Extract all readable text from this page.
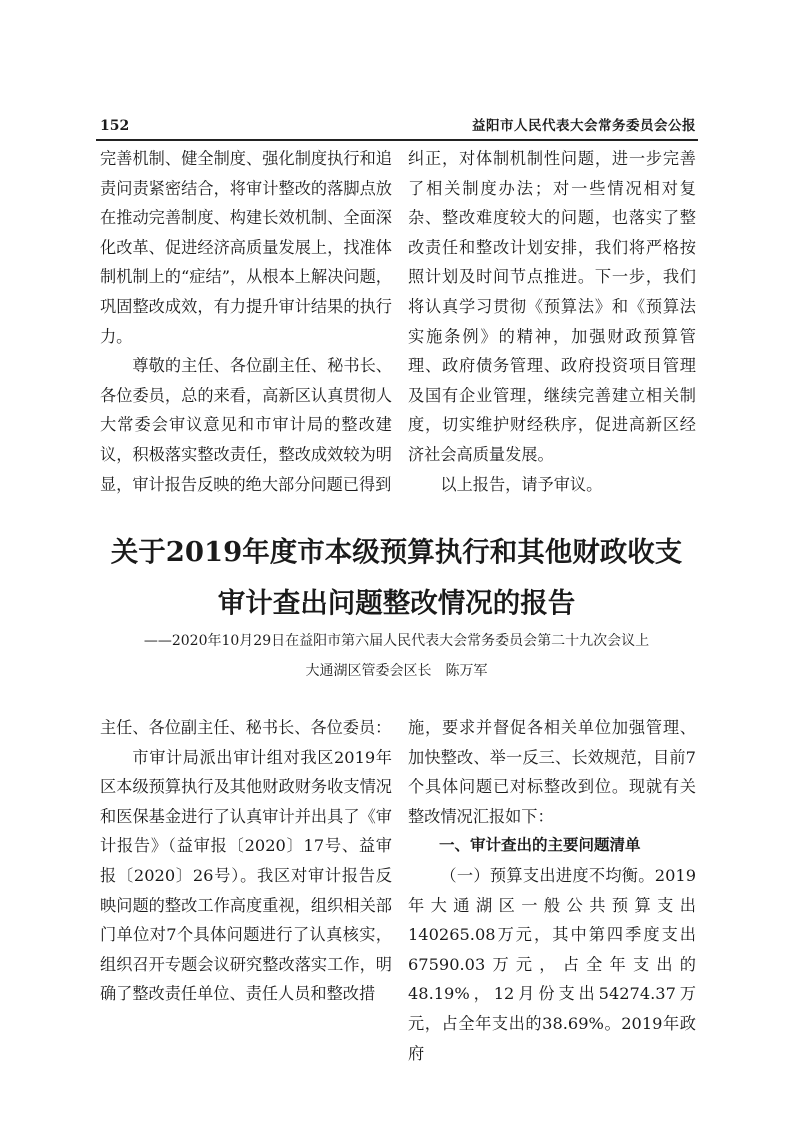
152	益阳市人民代表大会常务委员会公报

完善机制、健全制度、强化制度执行和追责问责紧密结合，将审计整改的落脚点放在推动完善制度、构建长效机制、全面深化改革、促进经济高质量发展上，找准体制机制上的“症结”，从根本上解决问题，巩固整改成效，有力提升审计结果的执行力。

尊敬的主任、各位副主任、秘书长、各位委员，总的来看，高新区认真贯彻人大常委会审议意见和市审计局的整改建议，积极落实整改责任，整改成效较为明显，审计报告反映的绝大部分问题已得到

纠正，对体制机制性问题，进一步完善了相关制度办法；对一些情况相对复杂、整改难度较大的问题，也落实了整改责任和整改计划安排，我们将严格按照计划及时间节点推进。下一步，我们将认真学习贯彻《预算法》和《预算法实施条例》的精神，加强财政预算管理、政府债务管理、政府投资项目管理及国有企业管理，继续完善建立相关制度，切实维护财经秩序，促进高新区经济社会高质量发展。

以上报告，请予审议。

关于2019年度市本级预算执行和其他财政收支
审计查出问题整改情况的报告
——2020年10月29日在益阳市第六届人民代表大会常务委员会第二十九次会议上
大通湖区管委会区长　陈万军

主任、各位副主任、秘书长、各位委员：

市审计局派出审计组对我区2019年区本级预算执行及其他财政财务收支情况和医保基金进行了认真审计并出具了《审计报告》（益审报〔2020〕17号、益审报〔2020〕26号）。我区对审计报告反映问题的整改工作高度重视，组织相关部门单位对7个具体问题进行了认真核实，组织召开专题会议研究整改落实工作，明确了整改责任单位、责任人员和整改措

施，要求并督促各相关单位加强管理、加快整改、举一反三、长效规范，目前7个具体问题已对标整改到位。现就有关整改情况汇报如下：

一、审计查出的主要问题清单

（一）预算支出进度不均衡。2019年大通湖区一般公共预算支出140265.08万元，其中第四季度支出67590.03万元，占全年支出的48.19%，12月份支出54274.37万元，占全年支出的38.69%。2019年政府
